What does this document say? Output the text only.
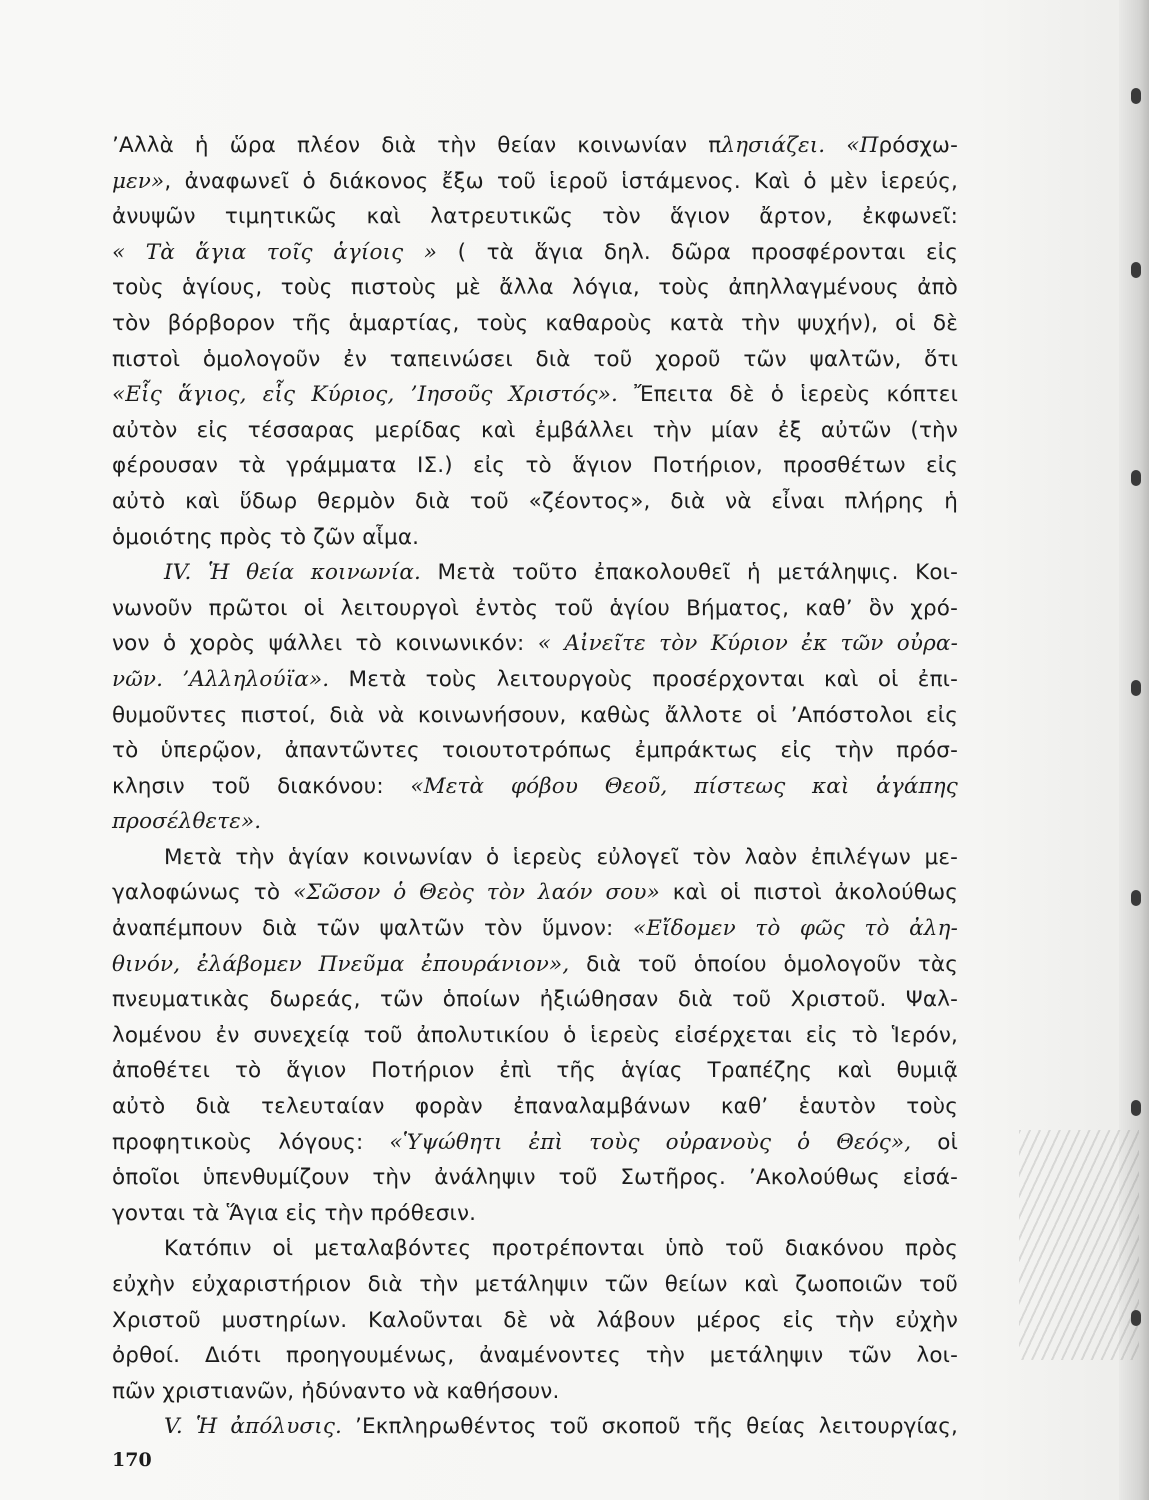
’Αλλὰ ἡ ὥρα πλέον διὰ τὴν θείαν κοινωνίαν πλησιάζει. «Πρόσχω-
μεν», ἀναφωνεῖ ὁ διάκονος ἔξω τοῦ ἱεροῦ ἱστάμενος. Καὶ ὁ μὲν ἱερεύς,
ἀνυψῶν τιμητικῶς καὶ λατρευτικῶς τὸν ἅγιον ἄρτον, ἐκφωνεῖ:
« Τὰ ἅγια τοῖς ἁγίοις » ( τὰ ἅγια δηλ. δῶρα προσφέρονται εἰς
τοὺς ἁγίους, τοὺς πιστοὺς μὲ ἄλλα λόγια, τοὺς ἀπηλλαγμένους ἀπὸ
τὸν βόρβορον τῆς ἁμαρτίας, τοὺς καθαροὺς κατὰ τὴν ψυχήν), οἱ δὲ
πιστοὶ ὁμολογοῦν ἐν ταπεινώσει διὰ τοῦ χοροῦ τῶν ψαλτῶν, ὅτι
«Εἷς ἅγιος, εἷς Κύριος, ’Ιησοῦς Χριστός». Ἔπειτα δὲ ὁ ἱερεὺς κόπτει
αὐτὸν εἰς τέσσαρας μερίδας καὶ ἐμβάλλει τὴν μίαν ἐξ αὐτῶν (τὴν
φέρουσαν τὰ γράμματα ΙΣ.) εἰς τὸ ἅγιον Ποτήριον, προσθέτων εἰς
αὐτὸ καὶ ὕδωρ θερμὸν διὰ τοῦ «ζέοντος», διὰ νὰ εἶναι πλήρης ἡ
ὁμοιότης πρὸς τὸ ζῶν αἷμα.
IV. Ἡ θεία κοινωνία. Μετὰ τοῦτο ἐπακολουθεῖ ἡ μετάληψις. Κοι-
νωνοῦν πρῶτοι οἱ λειτουργοὶ ἐντὸς τοῦ ἁγίου Βήματος, καθ’ ὃν χρό-
νον ὁ χορὸς ψάλλει τὸ κοινωνικόν: « Αἰνεῖτε τὸν Κύριον ἐκ τῶν οὐρα-
νῶν. ’Αλληλούϊα». Μετὰ τοὺς λειτουργοὺς προσέρχονται καὶ οἱ ἐπι-
θυμοῦντες πιστοί, διὰ νὰ κοινωνήσουν, καθὼς ἄλλοτε οἱ ’Απόστολοι εἰς
τὸ ὑπερῷον, ἀπαντῶντες τοιουτοτρόπως ἐμπράκτως εἰς τὴν πρόσ-
κλησιν τοῦ διακόνου: «Μετὰ φόβου Θεοῦ, πίστεως καὶ ἀγάπης
προσέλθετε».
Μετὰ τὴν ἁγίαν κοινωνίαν ὁ ἱερεὺς εὐλογεῖ τὸν λαὸν ἐπιλέγων με-
γαλοφώνως τὸ «Σῶσον ὁ Θεὸς τὸν λαόν σου» καὶ οἱ πιστοὶ ἀκολούθως
ἀναπέμπουν διὰ τῶν ψαλτῶν τὸν ὕμνον: «Εἴδομεν τὸ φῶς τὸ ἀλη-
θινόν, ἐλάβομεν Πνεῦμα ἐπουράνιον», διὰ τοῦ ὁποίου ὁμολογοῦν τὰς
πνευματικὰς δωρεάς, τῶν ὁποίων ἠξιώθησαν διὰ τοῦ Χριστοῦ. Ψαλ-
λομένου ἐν συνεχείᾳ τοῦ ἀπολυτικίου ὁ ἱερεὺς εἰσέρχεται εἰς τὸ Ἱερόν,
ἀποθέτει τὸ ἅγιον Ποτήριον ἐπὶ τῆς ἁγίας Τραπέζης καὶ θυμιᾷ
αὐτὸ διὰ τελευταίαν φορὰν ἐπαναλαμβάνων καθ’ ἑαυτὸν τοὺς
προφητικοὺς λόγους: «Ὑψώθητι ἐπὶ τοὺς οὐρανοὺς ὁ Θεός», οἱ
ὁποῖοι ὑπενθυμίζουν τὴν ἀνάληψιν τοῦ Σωτῆρος. ’Ακολούθως εἰσά-
γονται τὰ Ἅγια εἰς τὴν πρόθεσιν.
Κατόπιν οἱ μεταλαβόντες προτρέπονται ὑπὸ τοῦ διακόνου πρὸς
εὐχὴν εὐχαριστήριον διὰ τὴν μετάληψιν τῶν θείων καὶ ζωοποιῶν τοῦ
Χριστοῦ μυστηρίων. Καλοῦνται δὲ νὰ λάβουν μέρος εἰς τὴν εὐχὴν
ὀρθοί. Διότι προηγουμένως, ἀναμένοντες τὴν μετάληψιν τῶν λοι-
πῶν χριστιανῶν, ἠδύναντο νὰ καθήσουν.
V. Ἡ ἀπόλυσις. ’Εκπληρωθέντος τοῦ σκοποῦ τῆς θείας λειτουργίας,
170
